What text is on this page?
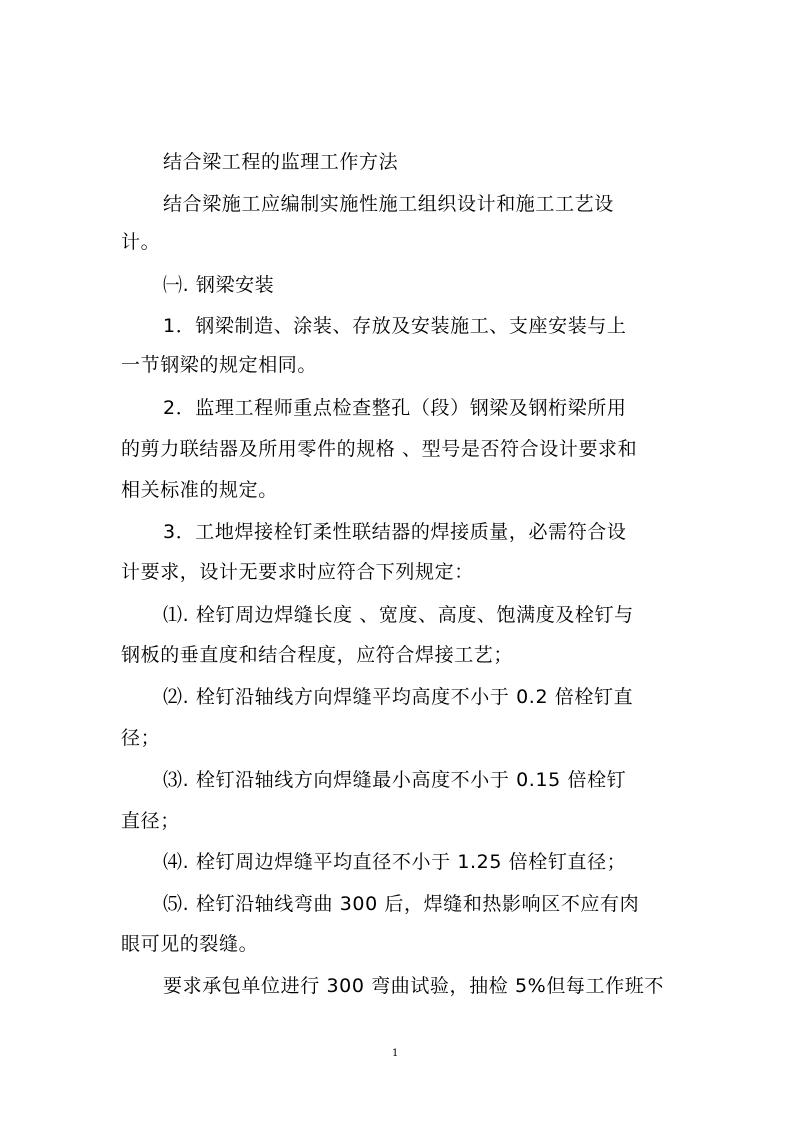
结合梁工程的监理工作方法

结合梁施工应编制实施性施工组织设计和施工工艺设

计。

㈠. 钢梁安装

1．钢梁制造、涂装、存放及安装施工、支座安装与上

一节钢梁的规定相同。

2．监理工程师重点检查整孔（段）钢梁及钢桁梁所用

的剪力联结器及所用零件的规格 、型号是否符合设计要求和

相关标准的规定。

3．工地焊接栓钉柔性联结器的焊接质量，必需符合设

计要求，设计无要求时应符合下列规定：

⑴. 栓钉周边焊缝长度 、宽度、高度、饱满度及栓钉与

钢板的垂直度和结合程度，应符合焊接工艺；

⑵. 栓钉沿轴线方向焊缝平均高度不小于 0.2 倍栓钉直

径；

⑶. 栓钉沿轴线方向焊缝最小高度不小于 0.15 倍栓钉

直径；

⑷. 栓钉周边焊缝平均直径不小于 1.25 倍栓钉直径；

⑸. 栓钉沿轴线弯曲 300 后，焊缝和热影响区不应有肉

眼可见的裂缝。

要求承包单位进行 300 弯曲试验，抽检 5%但每工作班不

1
